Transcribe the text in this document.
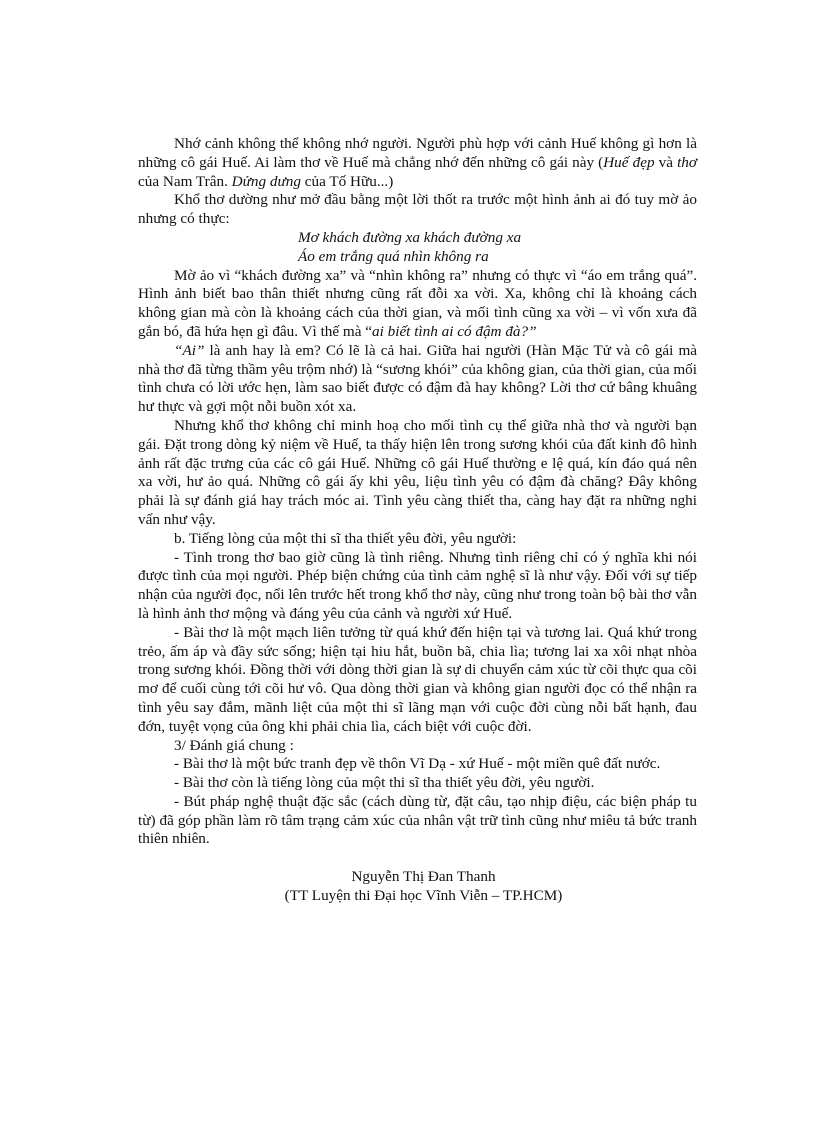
Nhớ cảnh không thể không nhớ người. Người phù hợp với cảnh Huế không gì hơn là những cô gái Huế. Ai làm thơ về Huế mà chẳng nhớ đến những cô gái này (Huế đẹp và thơ của Nam Trân. Dửng dưng của Tố Hữu...)

Khổ thơ dường như mở đầu bằng một lời thốt ra trước một hình ảnh ai đó tuy mờ ảo nhưng có thực:

Mơ khách đường xa khách đường xa

Áo em trắng quá nhìn không ra

Mờ ảo vì “khách đường xa” và “nhìn không ra” nhưng có thực vì “áo em trắng quá”. Hình ảnh biết bao thân thiết nhưng cũng rất đỗi xa vời. Xa, không chỉ là khoảng cách không gian mà còn là khoảng cách của thời gian, và mối tình cũng xa vời – vì vốn xưa đã gắn bó, đã hứa hẹn gì đâu. Vì thế mà “ai biết tình ai có đậm đà?”

“Ai” là anh hay là em? Có lẽ là cả hai. Giữa hai người (Hàn Mặc Tử và cô gái mà nhà thơ đã từng thầm yêu trộm nhớ) là “sương khói” của không gian, của thời gian, của mối tình chưa có lời ước hẹn, làm sao biết được có đậm đà hay không? Lời thơ cứ bâng khuâng hư thực và gợi một nỗi buồn xót xa.

Nhưng khổ thơ không chỉ minh hoạ cho mối tình cụ thể giữa nhà thơ và người bạn gái. Đặt trong dòng kỷ niệm về Huế, ta thấy hiện lên trong sương khói của đất kinh đô hình ảnh rất đặc trưng của các cô gái Huế. Những cô gái Huế thường e lệ quá, kín đáo quá nên xa vời, hư ảo quá. Những cô gái ấy khi yêu, liệu tình yêu có đậm đà chăng? Đây không phải là sự đánh giá hay trách móc ai. Tình yêu càng thiết tha, càng hay đặt ra những nghi vấn như vậy.

b. Tiếng lòng của một thi sĩ tha thiết yêu đời, yêu người:

- Tình trong thơ bao giờ cũng là tình riêng. Nhưng tình riêng chỉ có ý nghĩa khi nói được tình của mọi người. Phép biện chứng của tình cảm nghệ sĩ là như vậy. Đối với sự tiếp nhận của người đọc, nổi lên trước hết trong khổ thơ này, cũng như trong toàn bộ bài thơ vẫn là hình ảnh thơ mộng và đáng yêu của cảnh và người xứ Huế.

- Bài thơ là một mạch liên tưởng từ quá khứ đến hiện tại và tương lai. Quá khứ trong trẻo, ấm áp và đầy sức sống; hiện tại hiu hắt, buồn bã, chia lìa; tương lai xa xôi nhạt nhòa trong sương khói. Đồng thời với dòng thời gian là sự di chuyển cảm xúc từ cõi thực qua cõi mơ để cuối cùng tới cõi hư vô. Qua dòng thời gian và không gian người đọc có thể nhận ra tình yêu say đắm, mãnh liệt của một thi sĩ lãng mạn với cuộc đời cùng nỗi bất hạnh, đau đớn, tuyệt vọng của ông khi phải chia lìa, cách biệt với cuộc đời.

3/ Đánh giá chung :

- Bài thơ là một bức tranh đẹp về thôn Vĩ Dạ - xứ Huế - một miền quê đất nước.

- Bài thơ còn là tiếng lòng của một thi sĩ tha thiết yêu đời, yêu người.

- Bút pháp nghệ thuật đặc sắc (cách dùng từ, đặt câu, tạo nhịp điệu, các biện pháp tu từ) đã góp phần làm rõ tâm trạng cảm xúc của nhân vật trữ tình cũng như miêu tả bức tranh thiên nhiên.

Nguyễn Thị Đan Thanh
(TT Luyện thi Đại học Vĩnh Viễn – TP.HCM)
